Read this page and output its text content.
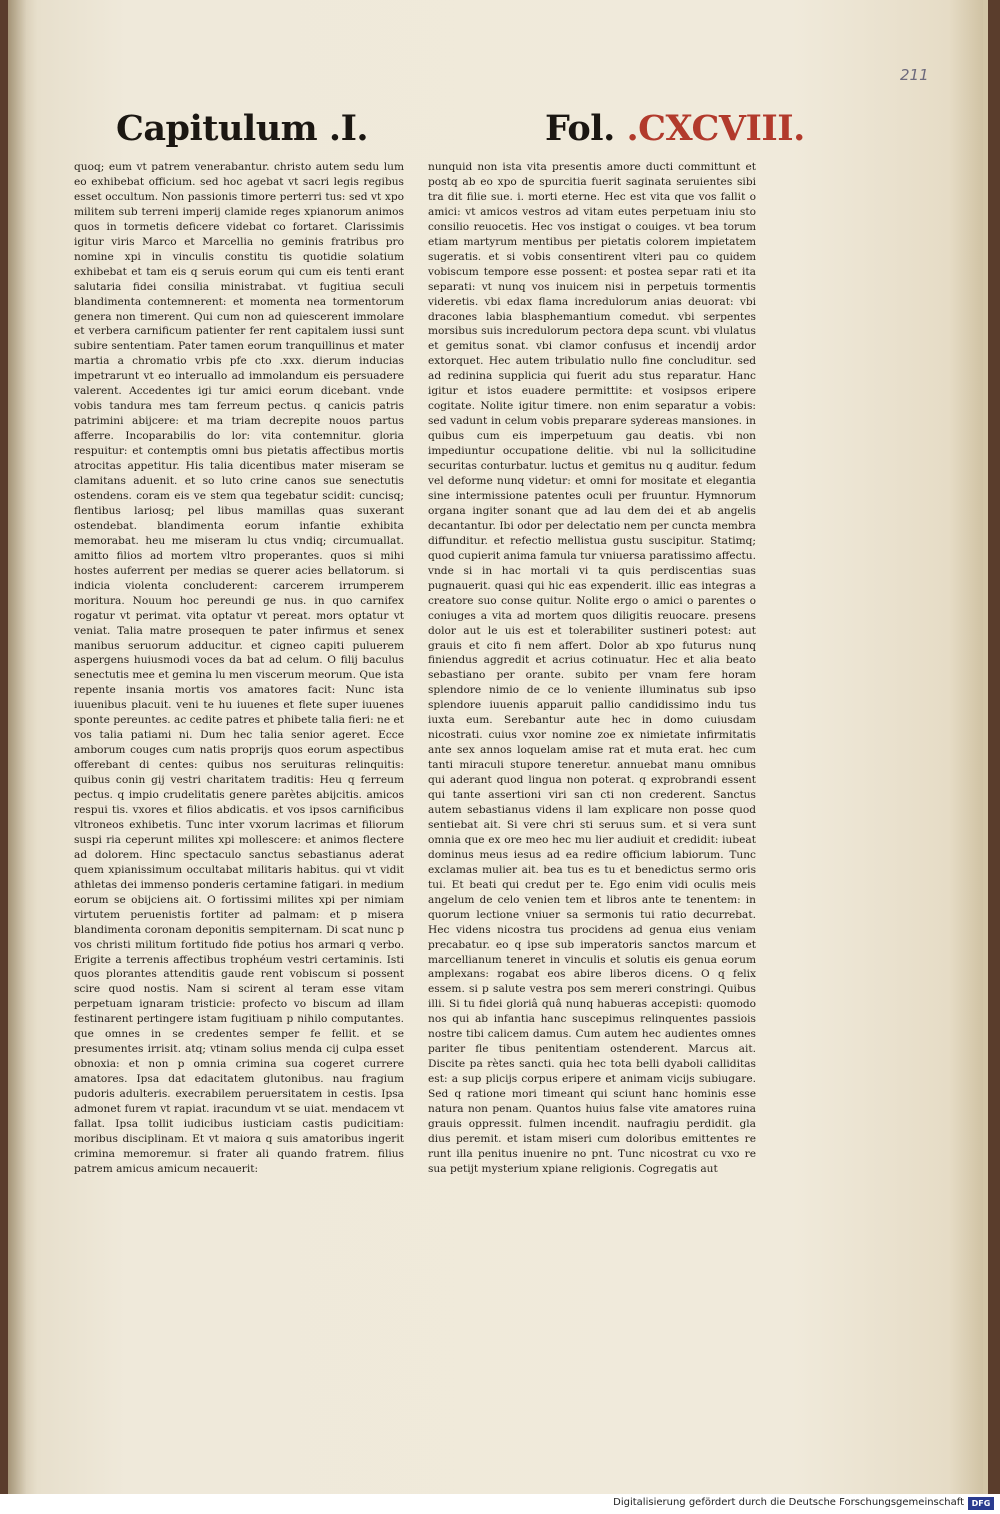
211
Capitulum .I.	Fol. .CXCVIII.

quoq; eum vt patrem venerabantur. christo autem sedu lum eo exhibebat officium. sed hoc agebat vt sacri legis regibus esset occultum. Non passionis timore perterri tus: sed vt xpo militem sub terreni imperij clamide reges xpianorum animos quos in tormetis deficere videbat co fortaret. Clarissimis igitur viris Marco et Marcellia no geminis fratribus pro nomine xpi in vinculis constitu tis quotidie solatium exhibebat et tam eis q seruis eorum qui cum eis tenti erant salutaria fidei consilia ministrabat. vt fugitiua seculi blandimenta contemnerent: et momenta nea tormentorum genera non timerent. Qui cum non ad quiescerent immolare et verbera carnificum patienter fer rent capitalem iussi sunt subire sententiam. Pater tamen eorum tranquillinus et mater martia a chromatio vrbis pfe cto .xxx. dierum inducias impetrarunt vt eo interuallo ad immolandum eis persuadere valerent. Accedentes igi tur amici eorum dicebant. vnde vobis tandura mes tam ferreum pectus. q canicis patris patrimini abijcere: et ma triam decrepite nouos partus afferre. Incoparabilis do lor: vita contemnitur. gloria respuitur: et contemptis omni bus pietatis affectibus mortis atrocitas appetitur. His talia dicentibus mater miseram se clamitans aduenit. et so luto crine canos sue senectutis ostendens. coram eis ve stem qua tegebatur scidit: cuncisq; flentibus lariosq; pel libus mamillas quas suxerant ostendebat. blandimenta eorum infantie exhibita memorabat. heu me miseram lu ctus vndiq; circumuallat. amitto filios ad mortem vltro properantes. quos si mihi hostes auferrent per medias se querer acies bellatorum. si indicia violenta concluderent: carcerem irrumperem moritura. Nouum hoc pereundi ge nus. in quo carnifex rogatur vt perimat. vita optatur vt pereat. mors optatur vt veniat. Talia matre prosequen te pater infirmus et senex manibus seruorum adducitur. et cigneo capiti puluerem aspergens huiusmodi voces da bat ad celum. O filij baculus senectutis mee et gemina lu men viscerum meorum. Que ista repente insania mortis vos amatores facit: Nunc ista iuuenibus placuit. veni te hu iuuenes et flete super iuuenes sponte pereuntes. ac cedite patres et phibete talia fieri: ne et vos talia patiami ni. Dum hec talia senior ageret. Ecce amborum couges cum natis proprijs quos eorum aspectibus offerebant di centes: quibus nos seruituras relinquitis: quibus conin gij vestri charitatem traditis: Heu q ferreum pectus. q impio crudelitatis genere parètes abijcitis. amicos respui tis. vxores et filios abdicatis. et vos ipsos carnificibus vltroneos exhibetis. Tunc inter vxorum lacrimas et filiorum suspi ria ceperunt milites xpi mollescere: et animos flectere ad dolorem. Hinc spectaculo sanctus sebastianus aderat quem xpianissimum occultabat militaris habitus. qui vt vidit athletas dei immenso ponderis certamine fatigari. in medium eorum se obijciens ait. O fortissimi milites xpi per nimiam virtutem peruenistis fortiter ad palmam: et p misera blandimenta coronam deponitis sempiternam. Di scat nunc p vos christi militum fortitudo fide potius hos armari q verbo. Erigite a terrenis affectibus trophéum vestri certaminis. Isti quos plorantes attenditis gaude rent vobiscum si possent scire quod nostis. Nam si scirent al teram esse vitam perpetuam ignaram tristicie: profecto vo biscum ad illam festinarent pertingere istam fugitiuam p nihilo computantes. que omnes in se credentes semper fe fellit. et se presumentes irrisit. atq; vtinam solius menda cij culpa esset obnoxia: et non p omnia crimina sua cogeret currere amatores. Ipsa dat edacitatem glutonibus. nau fragium pudoris adulteris. execrabilem peruersitatem in cestis. Ipsa admonet furem vt rapiat. iracundum vt se uiat. mendacem vt fallat. Ipsa tollit iudicibus iusticiam castis pudicitiam: moribus disciplinam. Et vt maiora q suis amatoribus ingerit crimina memoremur. si frater ali quando fratrem. filius patrem amicus amicum necauerit:

nunquid non ista vita presentis amore ducti committunt et postq ab eo xpo de spurcitia fuerit saginata seruientes sibi tra dit filie sue. i. morti eterne. Hec est vita que vos fallit o amici: vt amicos vestros ad vitam eutes perpetuam iniu sto consilio reuocetis. Hec vos instigat o couiges. vt bea torum etiam martyrum mentibus per pietatis colorem impietatem sugeratis. et si vobis consentirent vlteri pau co quidem vobiscum tempore esse possent: et postea separ rati et ita separati: vt nunq vos inuicem nisi in perpetuis tormentis videretis. vbi edax flama incredulorum anias deuorat: vbi dracones labia blasphemantium comedut. vbi serpentes morsibus suis incredulorum pectora depa scunt. vbi vlulatus et gemitus sonat. vbi clamor confusus et incendij ardor extorquet. Hec autem tribulatio nullo fine concluditur. sed ad redinina supplicia qui fuerit adu stus reparatur. Hanc igitur et istos euadere permittite: et vosipsos eripere cogitate. Nolite igitur timere. non enim separatur a vobis: sed vadunt in celum vobis preparare sydereas mansiones. in quibus cum eis imperpetuum gau deatis. vbi non impediuntur occupatione delitie. vbi nul la sollicitudine securitas conturbatur. luctus et gemitus nu q auditur. fedum vel deforme nunq videtur: et omni for mositate et elegantia sine intermissione patentes oculi per fruuntur. Hymnorum organa ingiter sonant que ad lau dem dei et ab angelis decantantur. Ibi odor per delectatio nem per cuncta membra diffunditur. et refectio mellistua gustu suscipitur. Statimq; quod cupierit anima famula tur vniuersa paratissimo affectu. vnde si in hac mortali vi ta quis perdiscentias suas pugnauerit. quasi qui hic eas expenderit. illic eas integras a creatore suo conse quitur. Nolite ergo o amici o parentes o coniuges a vita ad mortem quos diligitis reuocare. presens dolor aut le uis est et tolerabiliter sustineri potest: aut grauis et cito fi nem affert. Dolor ab xpo futurus nunq finiendus aggredit et acrius cotinuatur. Hec et alia beato sebastiano per orante. subito per vnam fere horam splendore nimio de ce lo veniente illuminatus sub ipso splendore iuuenis apparuit pallio candidissimo indu tus iuxta eum. Serebantur aute hec in domo cuiusdam nicostrati. cuius vxor nomine zoe ex nimietate infirmitatis ante sex annos loquelam amise rat et muta erat. hec cum tanti miraculi stupore teneretur. annuebat manu omnibus qui aderant quod lingua non poterat. q exprobrandi essent qui tante assertioni viri san cti non crederent. Sanctus autem sebastianus videns il lam explicare non posse quod sentiebat ait. Si vere chri sti seruus sum. et si vera sunt omnia que ex ore meo hec mu lier audiuit et credidit: iubeat dominus meus iesus ad ea redire officium labiorum. Tunc exclamas mulier ait. bea tus es tu et benedictus sermo oris tui. Et beati qui credut per te. Ego enim vidi oculis meis angelum de celo venien tem et libros ante te tenentem: in quorum lectione vniuer sa sermonis tui ratio decurrebat. Hec videns nicostra tus procidens ad genua eius veniam precabatur. eo q ipse sub imperatoris sanctos marcum et marcellianum teneret in vinculis et solutis eis genua eorum amplexans: rogabat eos abire liberos dicens. O q felix essem. si p salute vestra pos sem mereri constringi. Quibus illi. Si tu fidei gloriâ quâ nunq habueras accepisti: quomodo nos qui ab infantia hanc suscepimus relinquentes passiois nostre tibi calicem damus. Cum autem hec audientes omnes pariter fle tibus penitentiam ostenderent. Marcus ait. Discite pa rètes sancti. quia hec tota belli dyaboli calliditas est: a sup plicijs corpus eripere et animam vicijs subiugare. Sed q ratione mori timeant qui sciunt hanc hominis esse natura non penam. Quantos huius false vite amatores ruina grauis oppressit. fulmen incendit. naufragiu perdidit. gla dius peremit. et istam miseri cum doloribus emittentes re runt illa penitus inuenire no pnt. Tunc nicostrat cu vxo re sua petijt mysterium xpiane religionis. Cogregatis aut

Digitalisierung gefördert durch die Deutsche Forschungsgemeinschaft DFG
